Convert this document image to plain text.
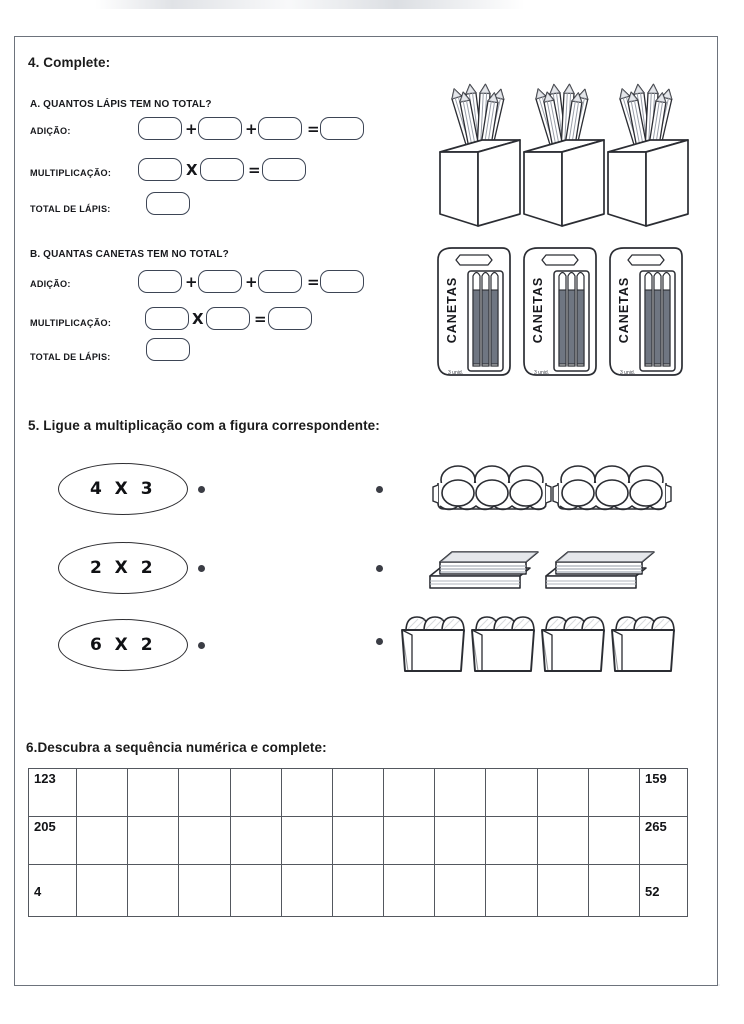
4. Complete:
A. QUANTOS LÁPIS TEM NO TOTAL?
ADIÇÃO:	+	+	=
MULTIPLICAÇÃO:	X	=
TOTAL DE LÁPIS:
B. QUANTAS CANETAS TEM NO TOTAL?
ADIÇÃO:	+	+	=
MULTIPLICAÇÃO:	X	=
TOTAL DE LÁPIS:
CANETAS
3 unid.
CANETAS
3 unid.
CANETAS
3 unid.
5. Ligue a multiplicação com a figura correspondente:
4 X 3
2 X 2
6 X 2
6.Descubra a sequência numérica e complete:
123												159
205												265
4												52
